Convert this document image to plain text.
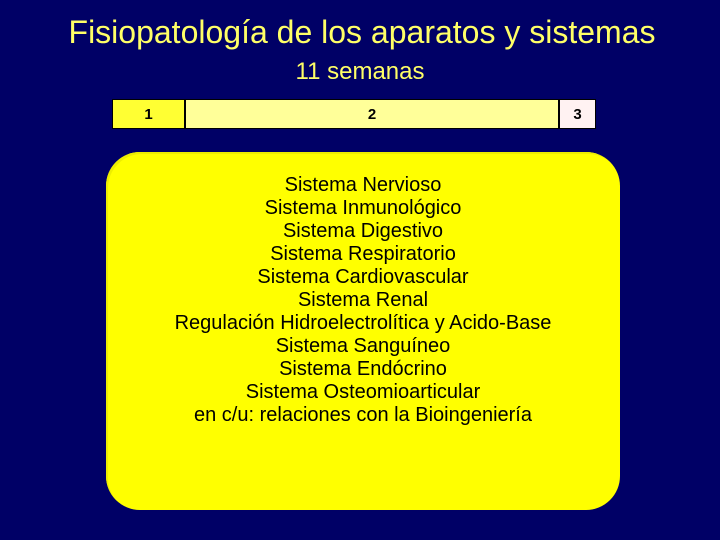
Fisiopatología de los aparatos y sistemas
11 semanas
1	2	3
Sistema Nervioso
Sistema Inmunológico
Sistema Digestivo
Sistema Respiratorio
Sistema Cardiovascular
Sistema Renal
Regulación Hidroelectrolítica y Acido-Base
Sistema Sanguíneo
Sistema Endócrino
Sistema Osteomioarticular
en c/u: relaciones con la Bioingeniería
